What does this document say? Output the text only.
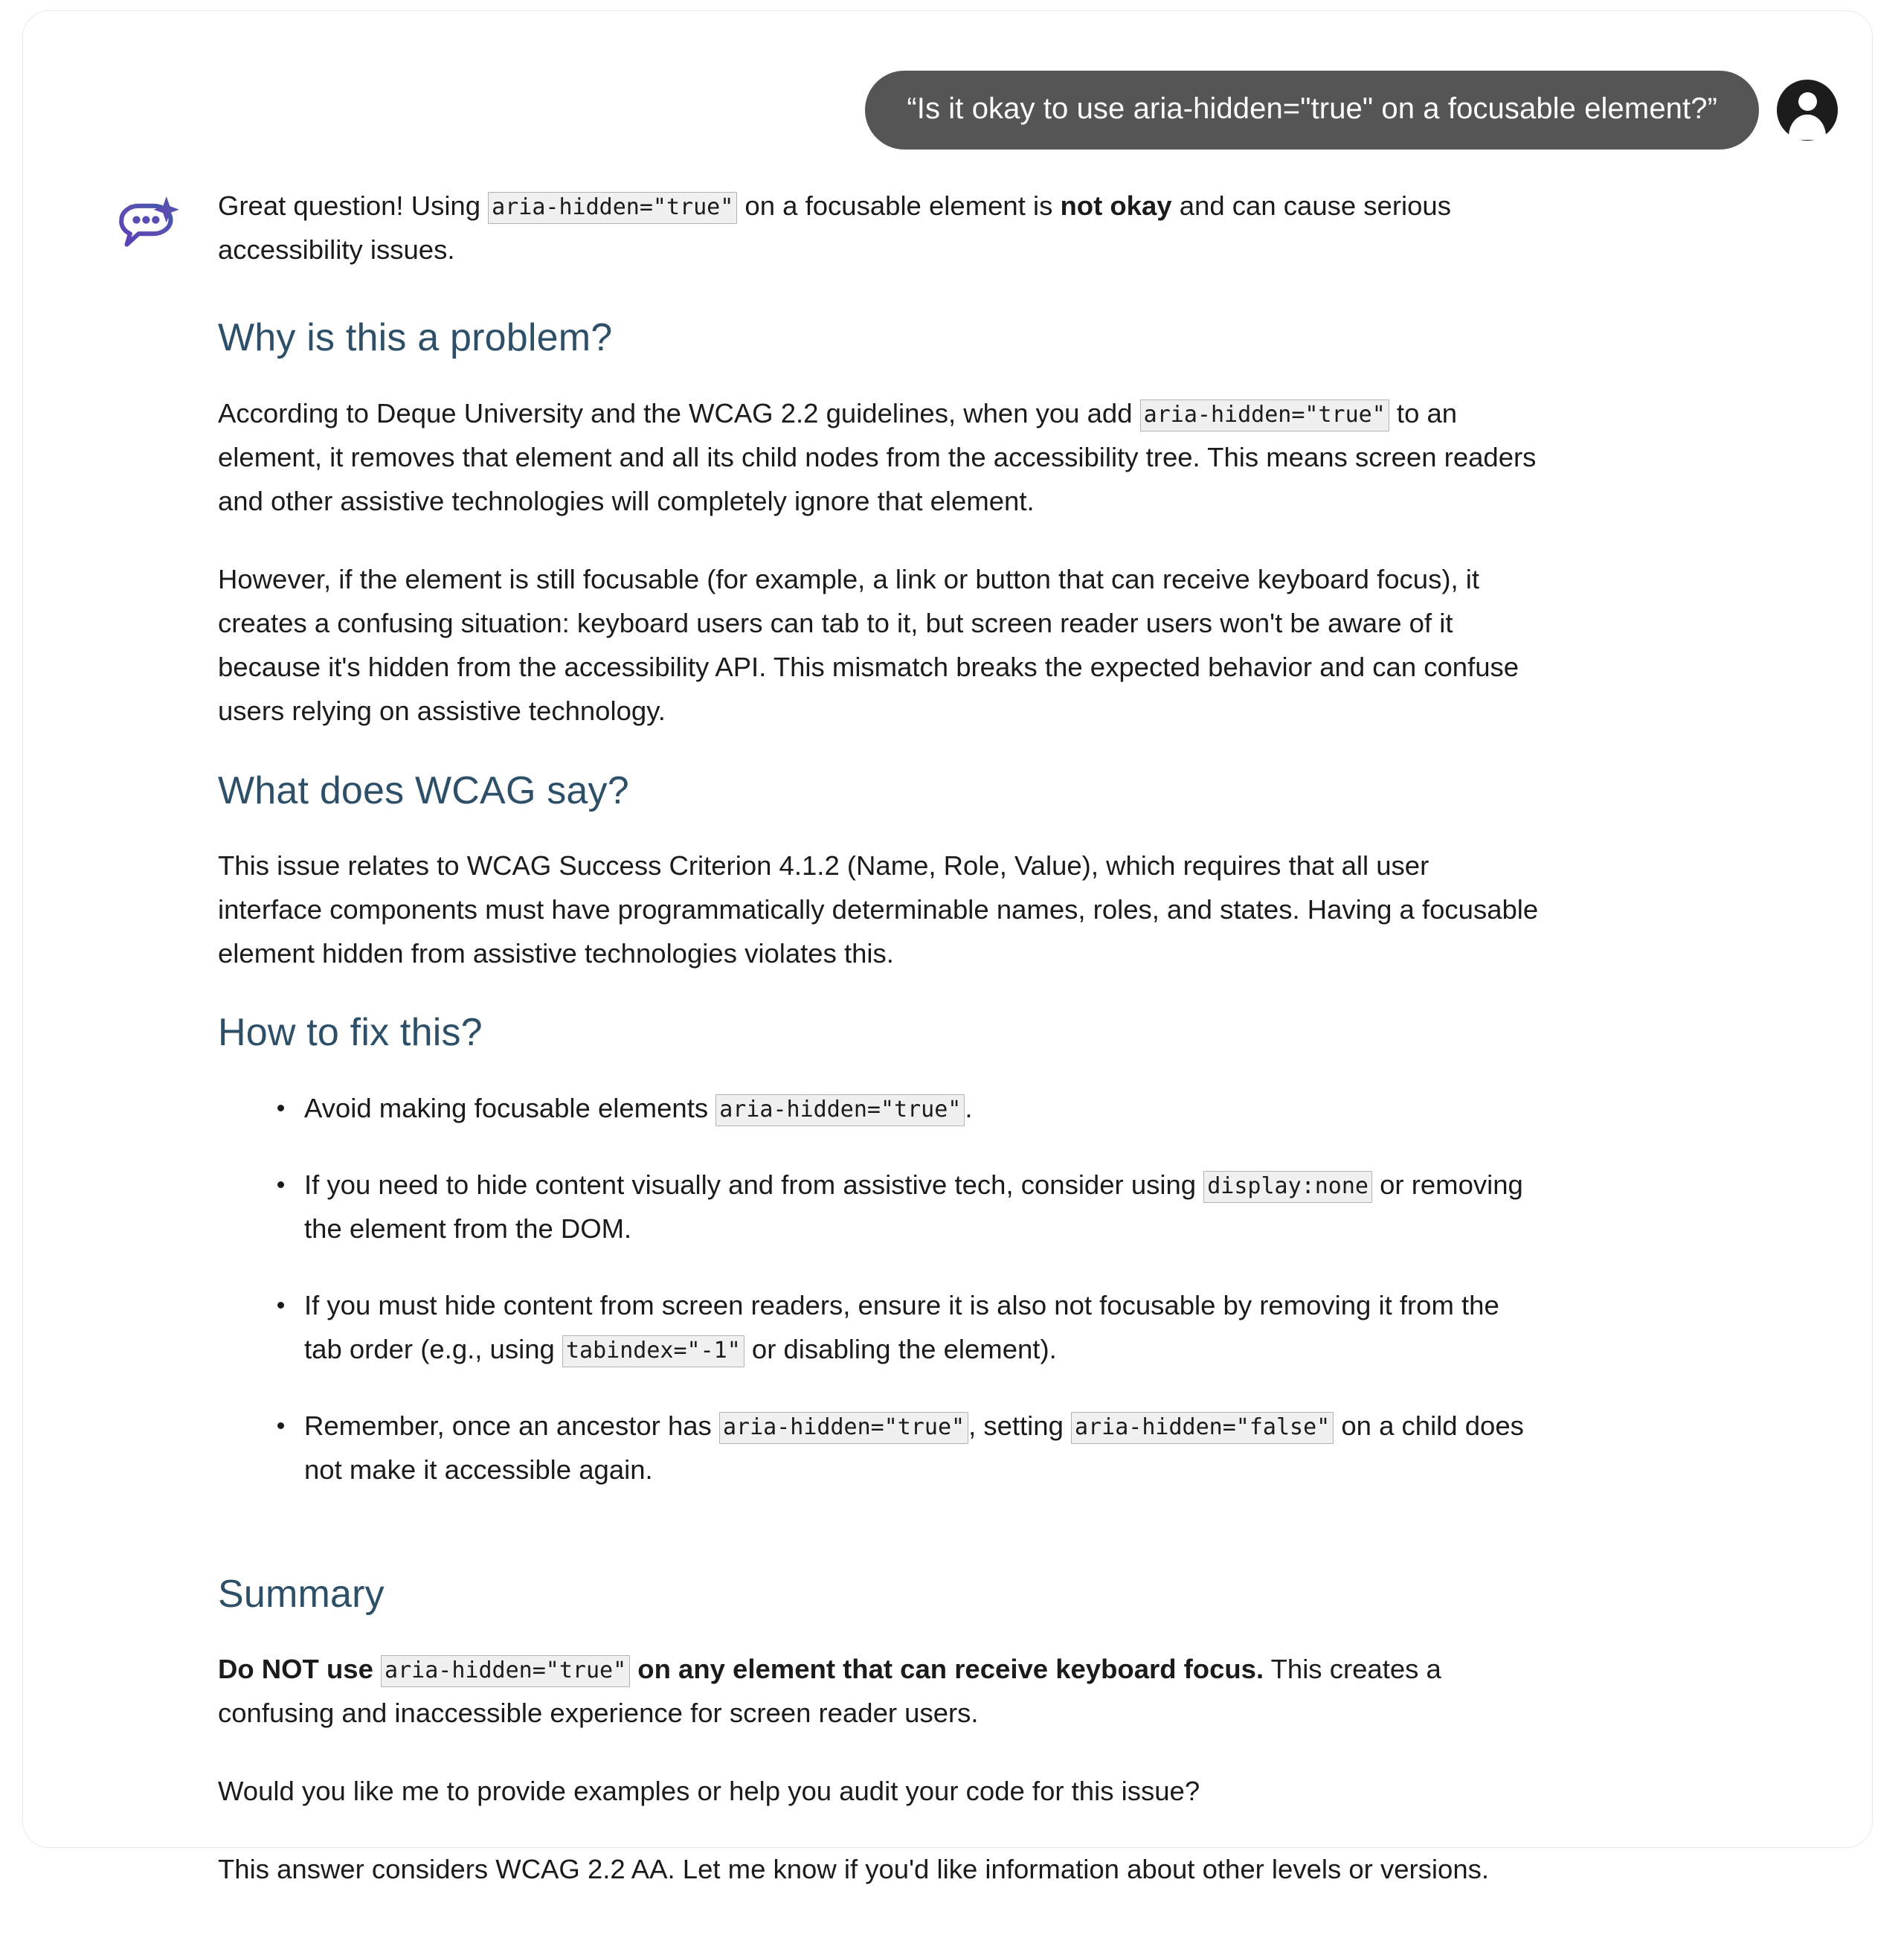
“Is it okay to use aria-hidden="true" on a focusable element?”

Great question! Using aria-hidden="true" on a focusable element is not okay and can cause serious accessibility issues.

Why is this a problem?

According to Deque University and the WCAG 2.2 guidelines, when you add aria-hidden="true" to an element, it removes that element and all its child nodes from the accessibility tree. This means screen readers and other assistive technologies will completely ignore that element.

However, if the element is still focusable (for example, a link or button that can receive keyboard focus), it creates a confusing situation: keyboard users can tab to it, but screen reader users won't be aware of it because it's hidden from the accessibility API. This mismatch breaks the expected behavior and can confuse users relying on assistive technology.

What does WCAG say?

This issue relates to WCAG Success Criterion 4.1.2 (Name, Role, Value), which requires that all user interface components must have programmatically determinable names, roles, and states. Having a focusable element hidden from assistive technologies violates this.

How to fix this?
Avoid making focusable elements aria-hidden="true" .
If you need to hide content visually and from assistive tech, consider using display:none or removing the element from the DOM.
If you must hide content from screen readers, ensure it is also not focusable by removing it from the tab order (e.g., using tabindex="-1" or disabling the element).
Remember, once an ancestor has aria-hidden="true" , setting aria-hidden="false" on a child does not make it accessible again.
Summary

Do NOT use aria-hidden="true" on any element that can receive keyboard focus. This creates a confusing and inaccessible experience for screen reader users.

Would you like me to provide examples or help you audit your code for this issue?

This answer considers WCAG 2.2 AA. Let me know if you'd like information about other levels or versions.
